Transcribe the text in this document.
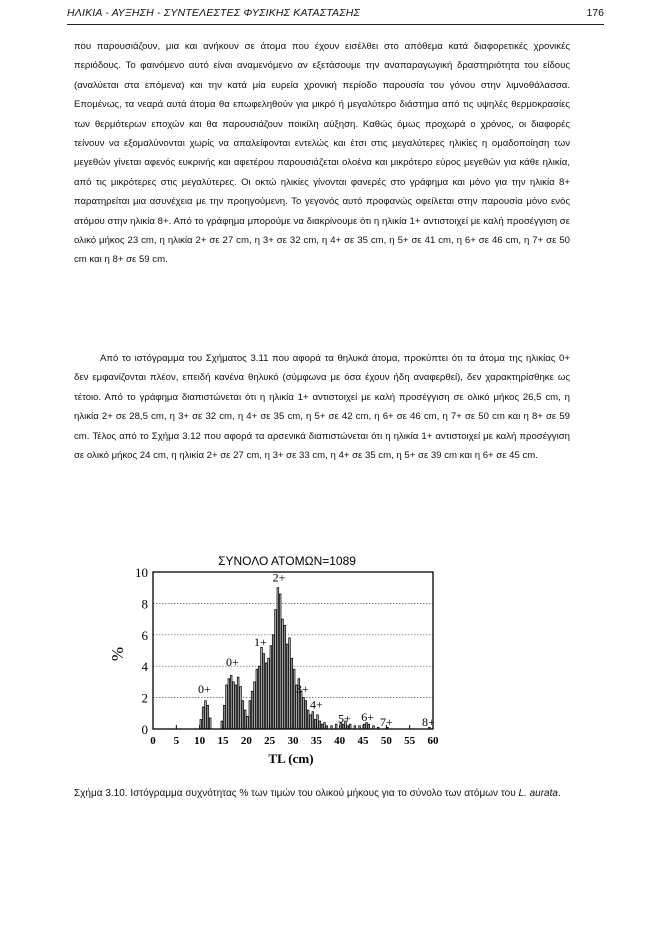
ΗΛΙΚΙΑ - ΑΥΞΗΣΗ - ΣΥΝΤΕΛΕΣΤΕΣ ΦΥΣΙΚΗΣ ΚΑΤΑΣΤΑΣΗΣ	176

που παρουσιάζουν, μια και ανήκουν σε άτομα που έχουν εισέλθει στο απόθεμα κατά διαφορετικές χρονικές περιόδους. Το φαινόμενο αυτό είναι αναμενόμενο αν εξετάσουμε την αναπαραγωγική δραστηριότητα του είδους (αναλύεται στα επόμενα) και την κατά μία ευρεία χρονική περίοδο παρουσία του γόνου στην λιμνοθάλασσα. Επομένως, τα νεαρά αυτά άτομα θα επωφεληθούν για μικρό ή μεγαλύτερο διάστημα από τις υψηλές θερμοκρασίες των θερμότερων εποχών και θα παρουσιάζουν ποικίλη αύξηση. Καθώς όμως προχωρά ο χρόνος, οι διαφορές τείνουν να εξομαλύνονται χωρίς να απαλείφονται εντελώς και έτσι στις μεγαλύτερες ηλικίες η ομαδοποίηση των μεγεθών γίνεται αφενός ευκρινής και αφετέρου παρουσιάζεται ολοένα και μικρότερο εύρος μεγεθών για κάθε ηλικία, από τις μικρότερες στις μεγαλύτερες. Οι οκτώ ηλικίες γίνονται φανερές στο γράφημα και μόνο για την ηλικία 8+ παρατηρείται μια ασυνέχεια με την προηγούμενη. Το γεγονός αυτό προφανώς οφείλεται στην παρουσία μόνο ενός ατόμου στην ηλικία 8+. Από το γράφημα μπορούμε να διακρίνουμε ότι η ηλικία 1+ αντιστοιχεί με καλή προσέγγιση σε ολικό μήκος 23 cm, η ηλικία 2+ σε 27 cm, η 3+ σε 32 cm, η 4+ σε 35 cm, η 5+ σε 41 cm, η 6+ σε 46 cm, η 7+ σε 50 cm και η 8+ σε 59 cm.

Από το ιστόγραμμα του Σχήματος 3.11 που αφορά τα θηλυκά άτομα, προκύπτει ότι τα άτομα της ηλικίας 0+ δεν εμφανίζονται πλέον, επειδή κανένα θηλυκό (σύμφωνα με όσα έχουν ήδη αναφερθεί), δεν χαρακτηρίσθηκε ως τέτοιο. Από το γράφημα διαπιστώνεται ότι η ηλικία 1+ αντιστοιχεί με καλή προσέγγιση σε ολικό μήκος 26,5 cm, η ηλικία 2+ σε 28,5 cm, η 3+ σε 32 cm, η 4+ σε 35 cm, η 5+ σε 42 cm, η 6+ σε 46 cm, η 7+ σε 50 cm και η 8+ σε 59 cm. Τέλος από το Σχήμα 3.12 που αφορά τα αρσενικά διαπιστώνεται ότι η ηλικία 1+ αντιστοιχεί με καλή προσέγγιση σε ολικό μήκος 24 cm, η ηλικία 2+ σε 27 cm, η 3+ σε 33 cm, η 4+ σε 35 cm, η 5+ σε 39 cm και η 6+ σε 45 cm.

ΣΥΝΟΛΟ ΑΤΟΜΩΝ=1089
0
2
4
6
8
10
0 5 10 15 20 25 30 35 40 45 50 55 60
0+
0+
1+
2+
3+
4+
5+ 6+ 7+ 8+
%
TL (cm)

Σχήμα 3.10. Ιστόγραμμα συχνότητας % των τιμών του ολικού μήκους για το σύνολο των ατόμων του L. aurata.
